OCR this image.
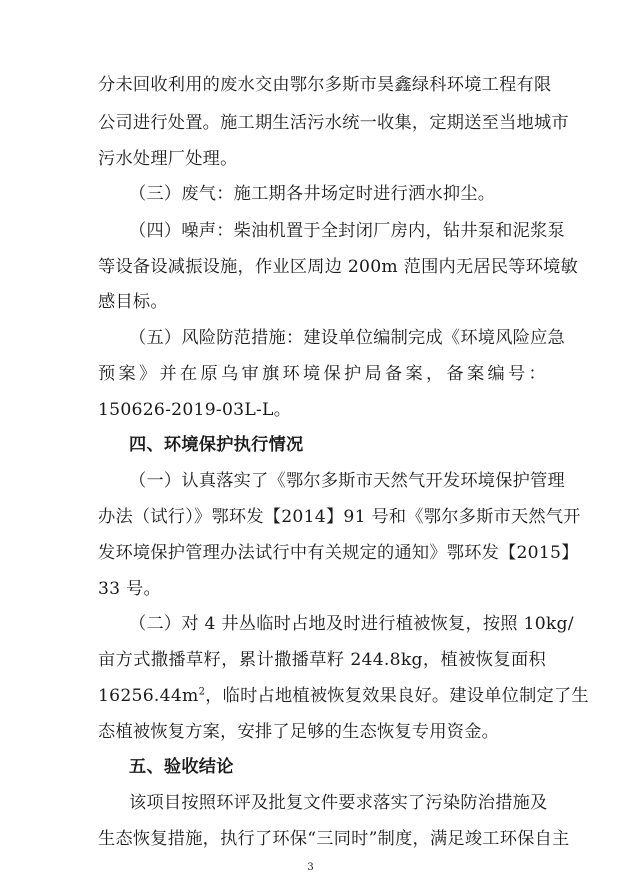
分未回收利用的废水交由鄂尔多斯市昊鑫绿科环境工程有限
公司进行处置。施工期生活污水统一收集，定期送至当地城市
污水处理厂处理。
（三）废气：施工期各井场定时进行洒水抑尘。
（四）噪声：柴油机置于全封闭厂房内，钻井泵和泥浆泵
等设备设减振设施，作业区周边 200m 范围内无居民等环境敏
感目标。
（五）风险防范措施：建设单位编制完成《环境风险应急
预案》并在原乌审旗环境保护局备案，备案编号：
150626-2019-03L-L。
四、环境保护执行情况
（一）认真落实了《鄂尔多斯市天然气开发环境保护管理
办法（试行）》鄂环发【2014】91 号和《鄂尔多斯市天然气开
发环境保护管理办法试行中有关规定的通知》鄂环发【2015】
33 号。
（二）对 4 井丛临时占地及时进行植被恢复，按照 10kg/
亩方式撒播草籽，累计撒播草籽 244.8kg，植被恢复面积
$16256.44m^2$，临时占地植被恢复效果良好。建设单位制定了生
态植被恢复方案，安排了足够的生态恢复专用资金。
五、验收结论
该项目按照环评及批复文件要求落实了污染防治措施及
生态恢复措施，执行了环保“三同时”制度，满足竣工环保自主
3
